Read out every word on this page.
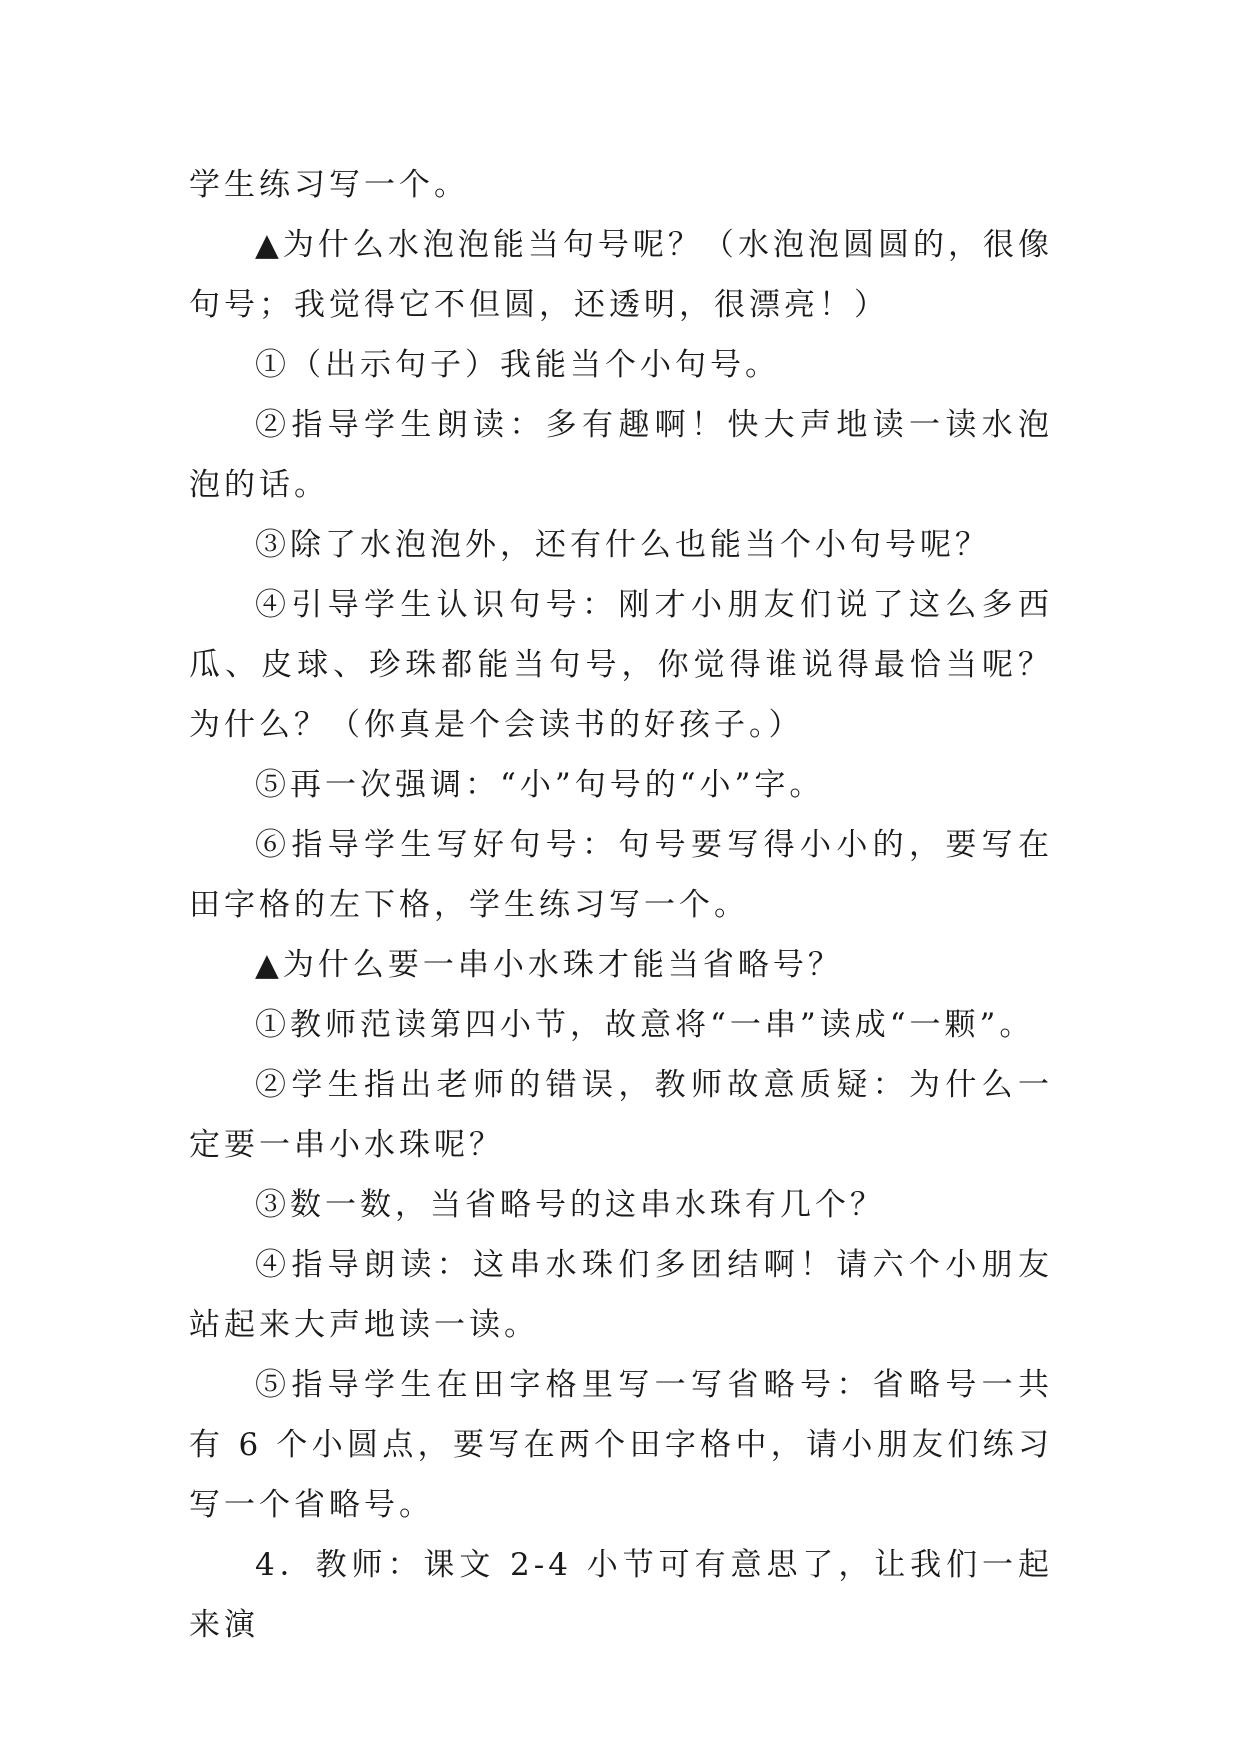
学生练习写一个。

▲为什么水泡泡能当句号呢？（水泡泡圆圆的，很像句号；我觉得它不但圆，还透明，很漂亮！）

①（出示句子）我能当个小句号。

②指导学生朗读：多有趣啊！快大声地读一读水泡泡的话。

③除了水泡泡外，还有什么也能当个小句号呢？

④引导学生认识句号：刚才小朋友们说了这么多西瓜、皮球、珍珠都能当句号，你觉得谁说得最恰当呢？为什么？（你真是个会读书的好孩子。）

⑤再一次强调：“小”句号的“小”字。

⑥指导学生写好句号：句号要写得小小的，要写在田字格的左下格，学生练习写一个。

▲为什么要一串小水珠才能当省略号？

①教师范读第四小节，故意将“一串”读成“一颗”。

②学生指出老师的错误，教师故意质疑：为什么一定要一串小水珠呢？

③数一数，当省略号的这串水珠有几个？

④指导朗读：这串水珠们多团结啊！请六个小朋友站起来大声地读一读。

⑤指导学生在田字格里写一写省略号：省略号一共有 6 个小圆点，要写在两个田字格中，请小朋友们练习写一个省略号。

4．教师：课文 2-4 小节可有意思了，让我们一起来演
